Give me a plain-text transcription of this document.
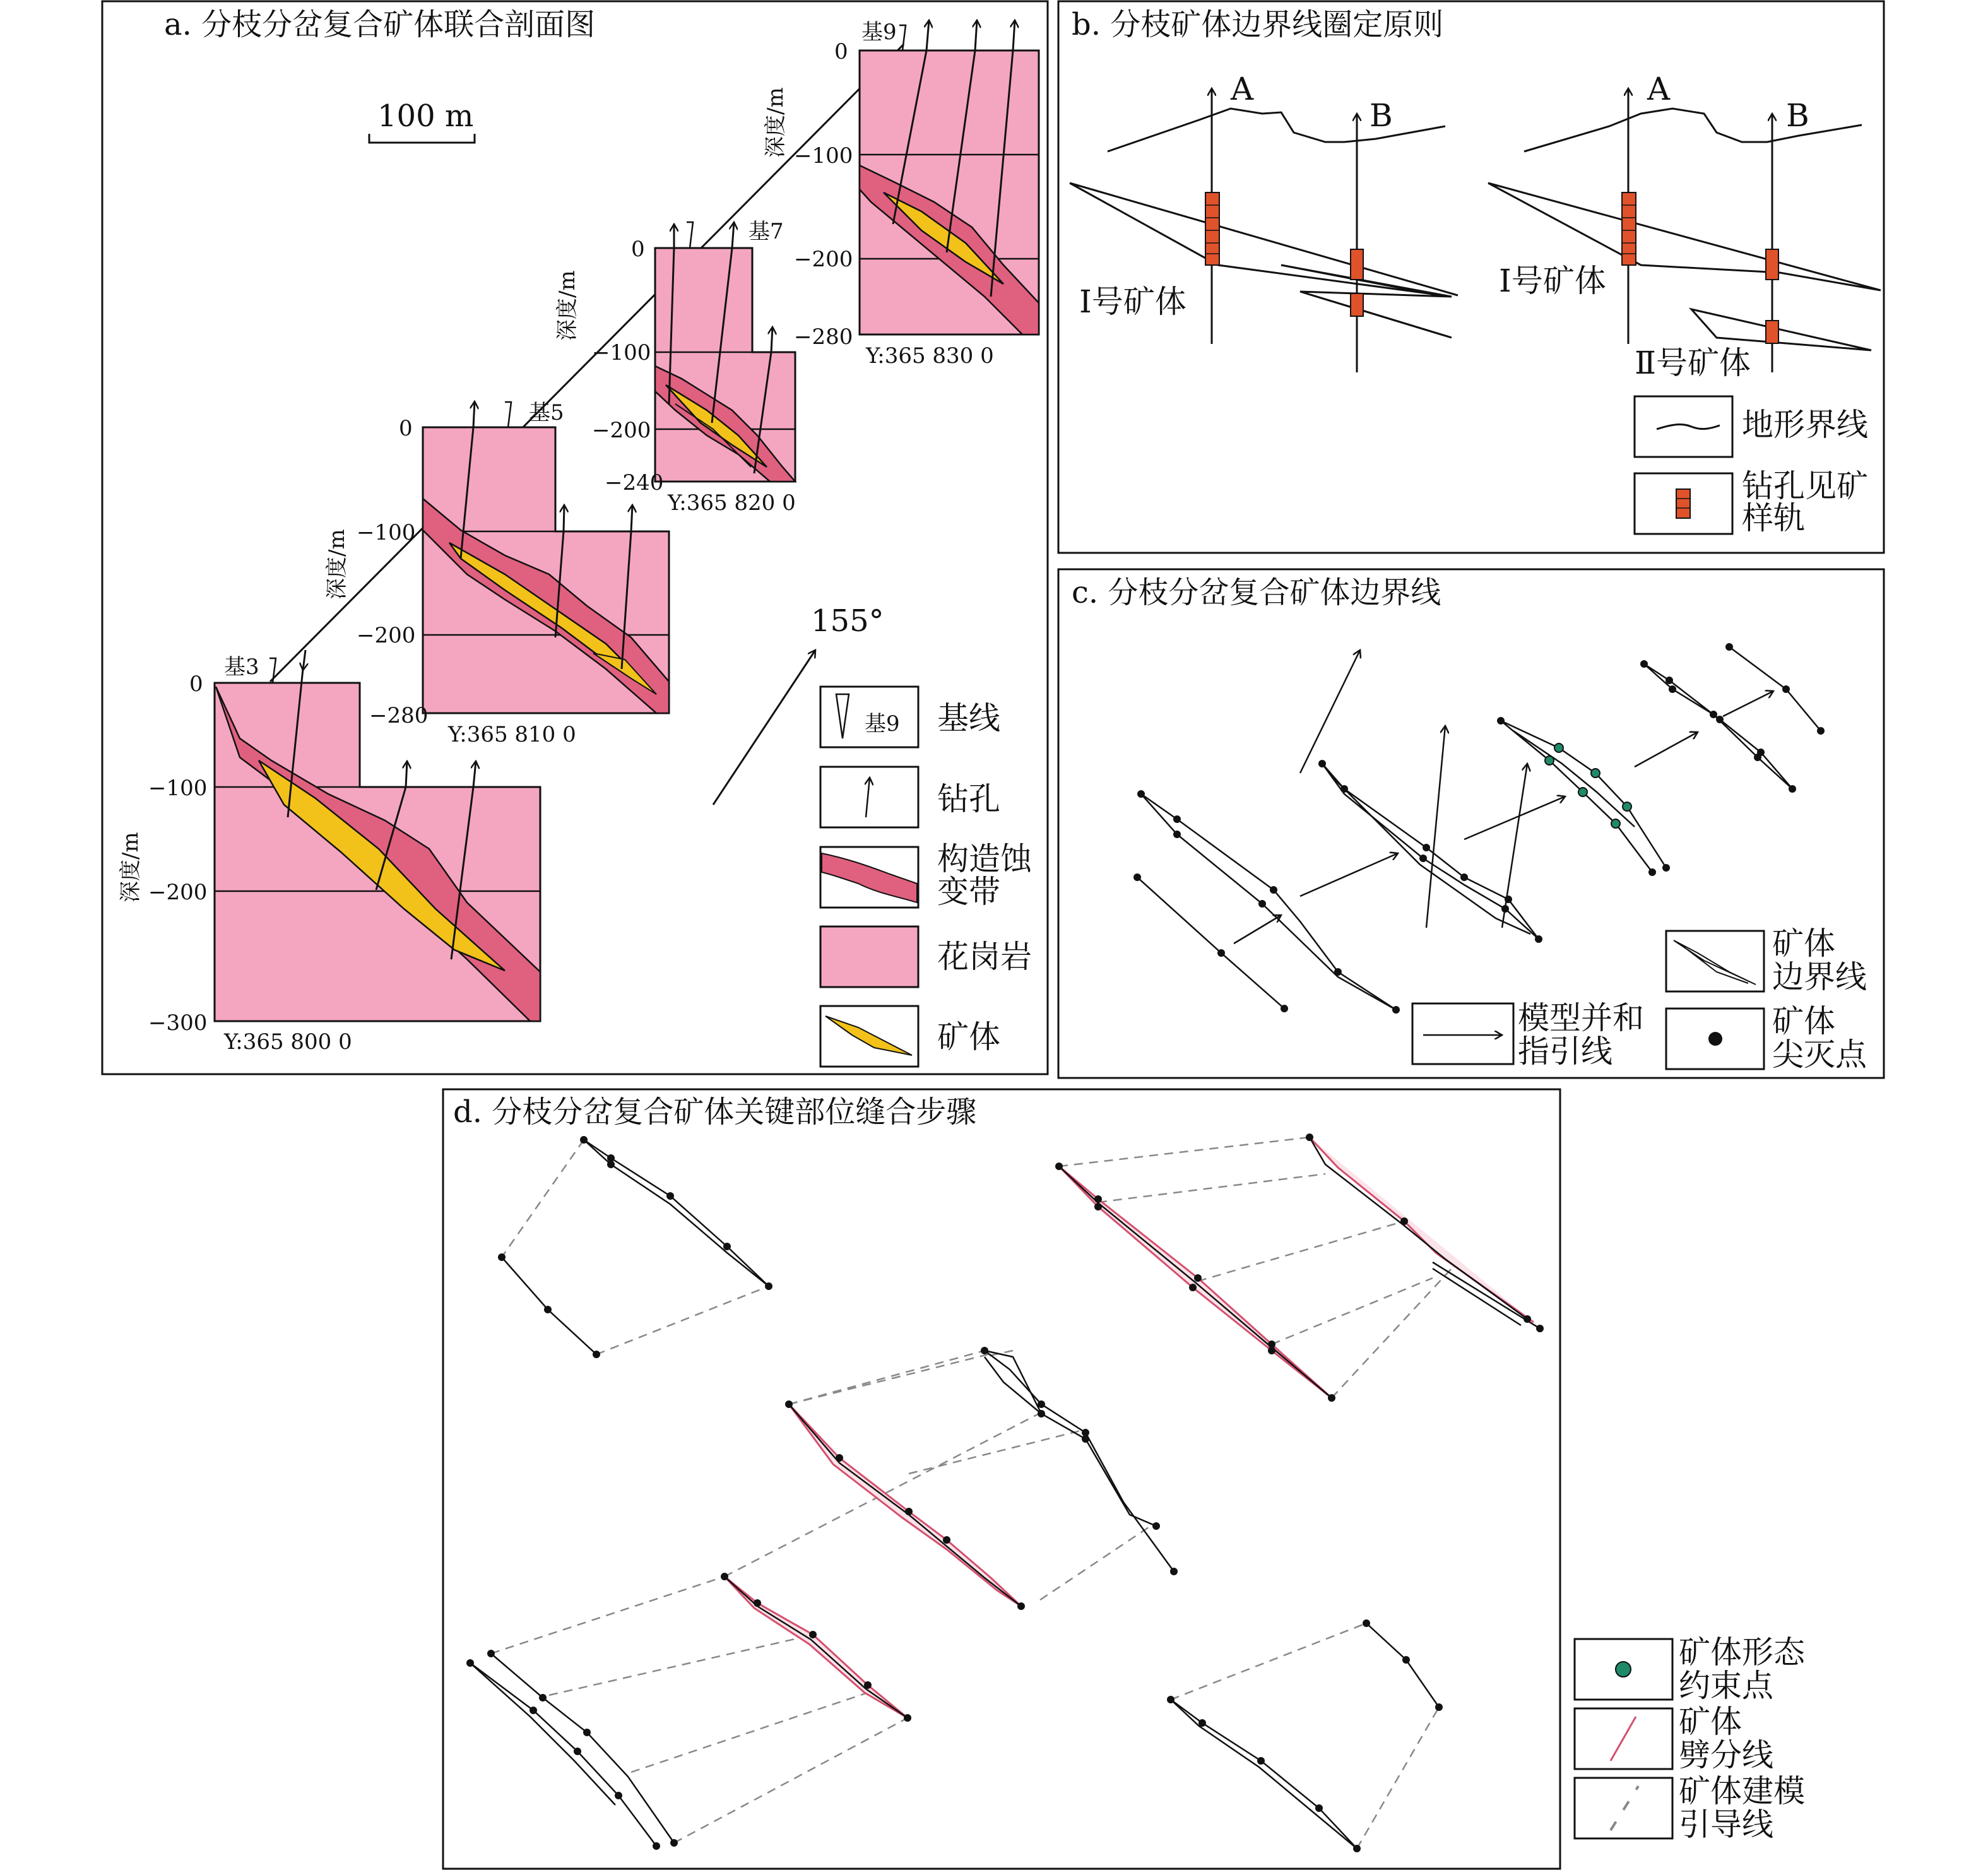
a. 分枝分岔复合矿体联合剖面图
100 m
基3
0
−100
−200
−300
Y:365 800 0
深度/m
基5
0
−100
−200
−280
Y:365 810 0
深度/m
基7
0
−100
−200
−240
Y:365 820 0
深度/m
基9
0
−100
−200
−280
Y:365 830 0
深度/m
155°
基9 基线
钻孔
构造蚀
变带
花岗岩
矿体
b. 分枝矿体边界线圈定原则
A
B
Ⅰ号矿体
A
B
Ⅰ号矿体
Ⅱ号矿体
地形界线
钻孔见矿
样轨
c. 分枝分岔复合矿体边界线
模型并和
指引线
矿体
边界线
矿体
尖灭点
d. 分枝分岔复合矿体关键部位缝合步骤
矿体形态
约束点
矿体
劈分线
矿体建模
引导线
